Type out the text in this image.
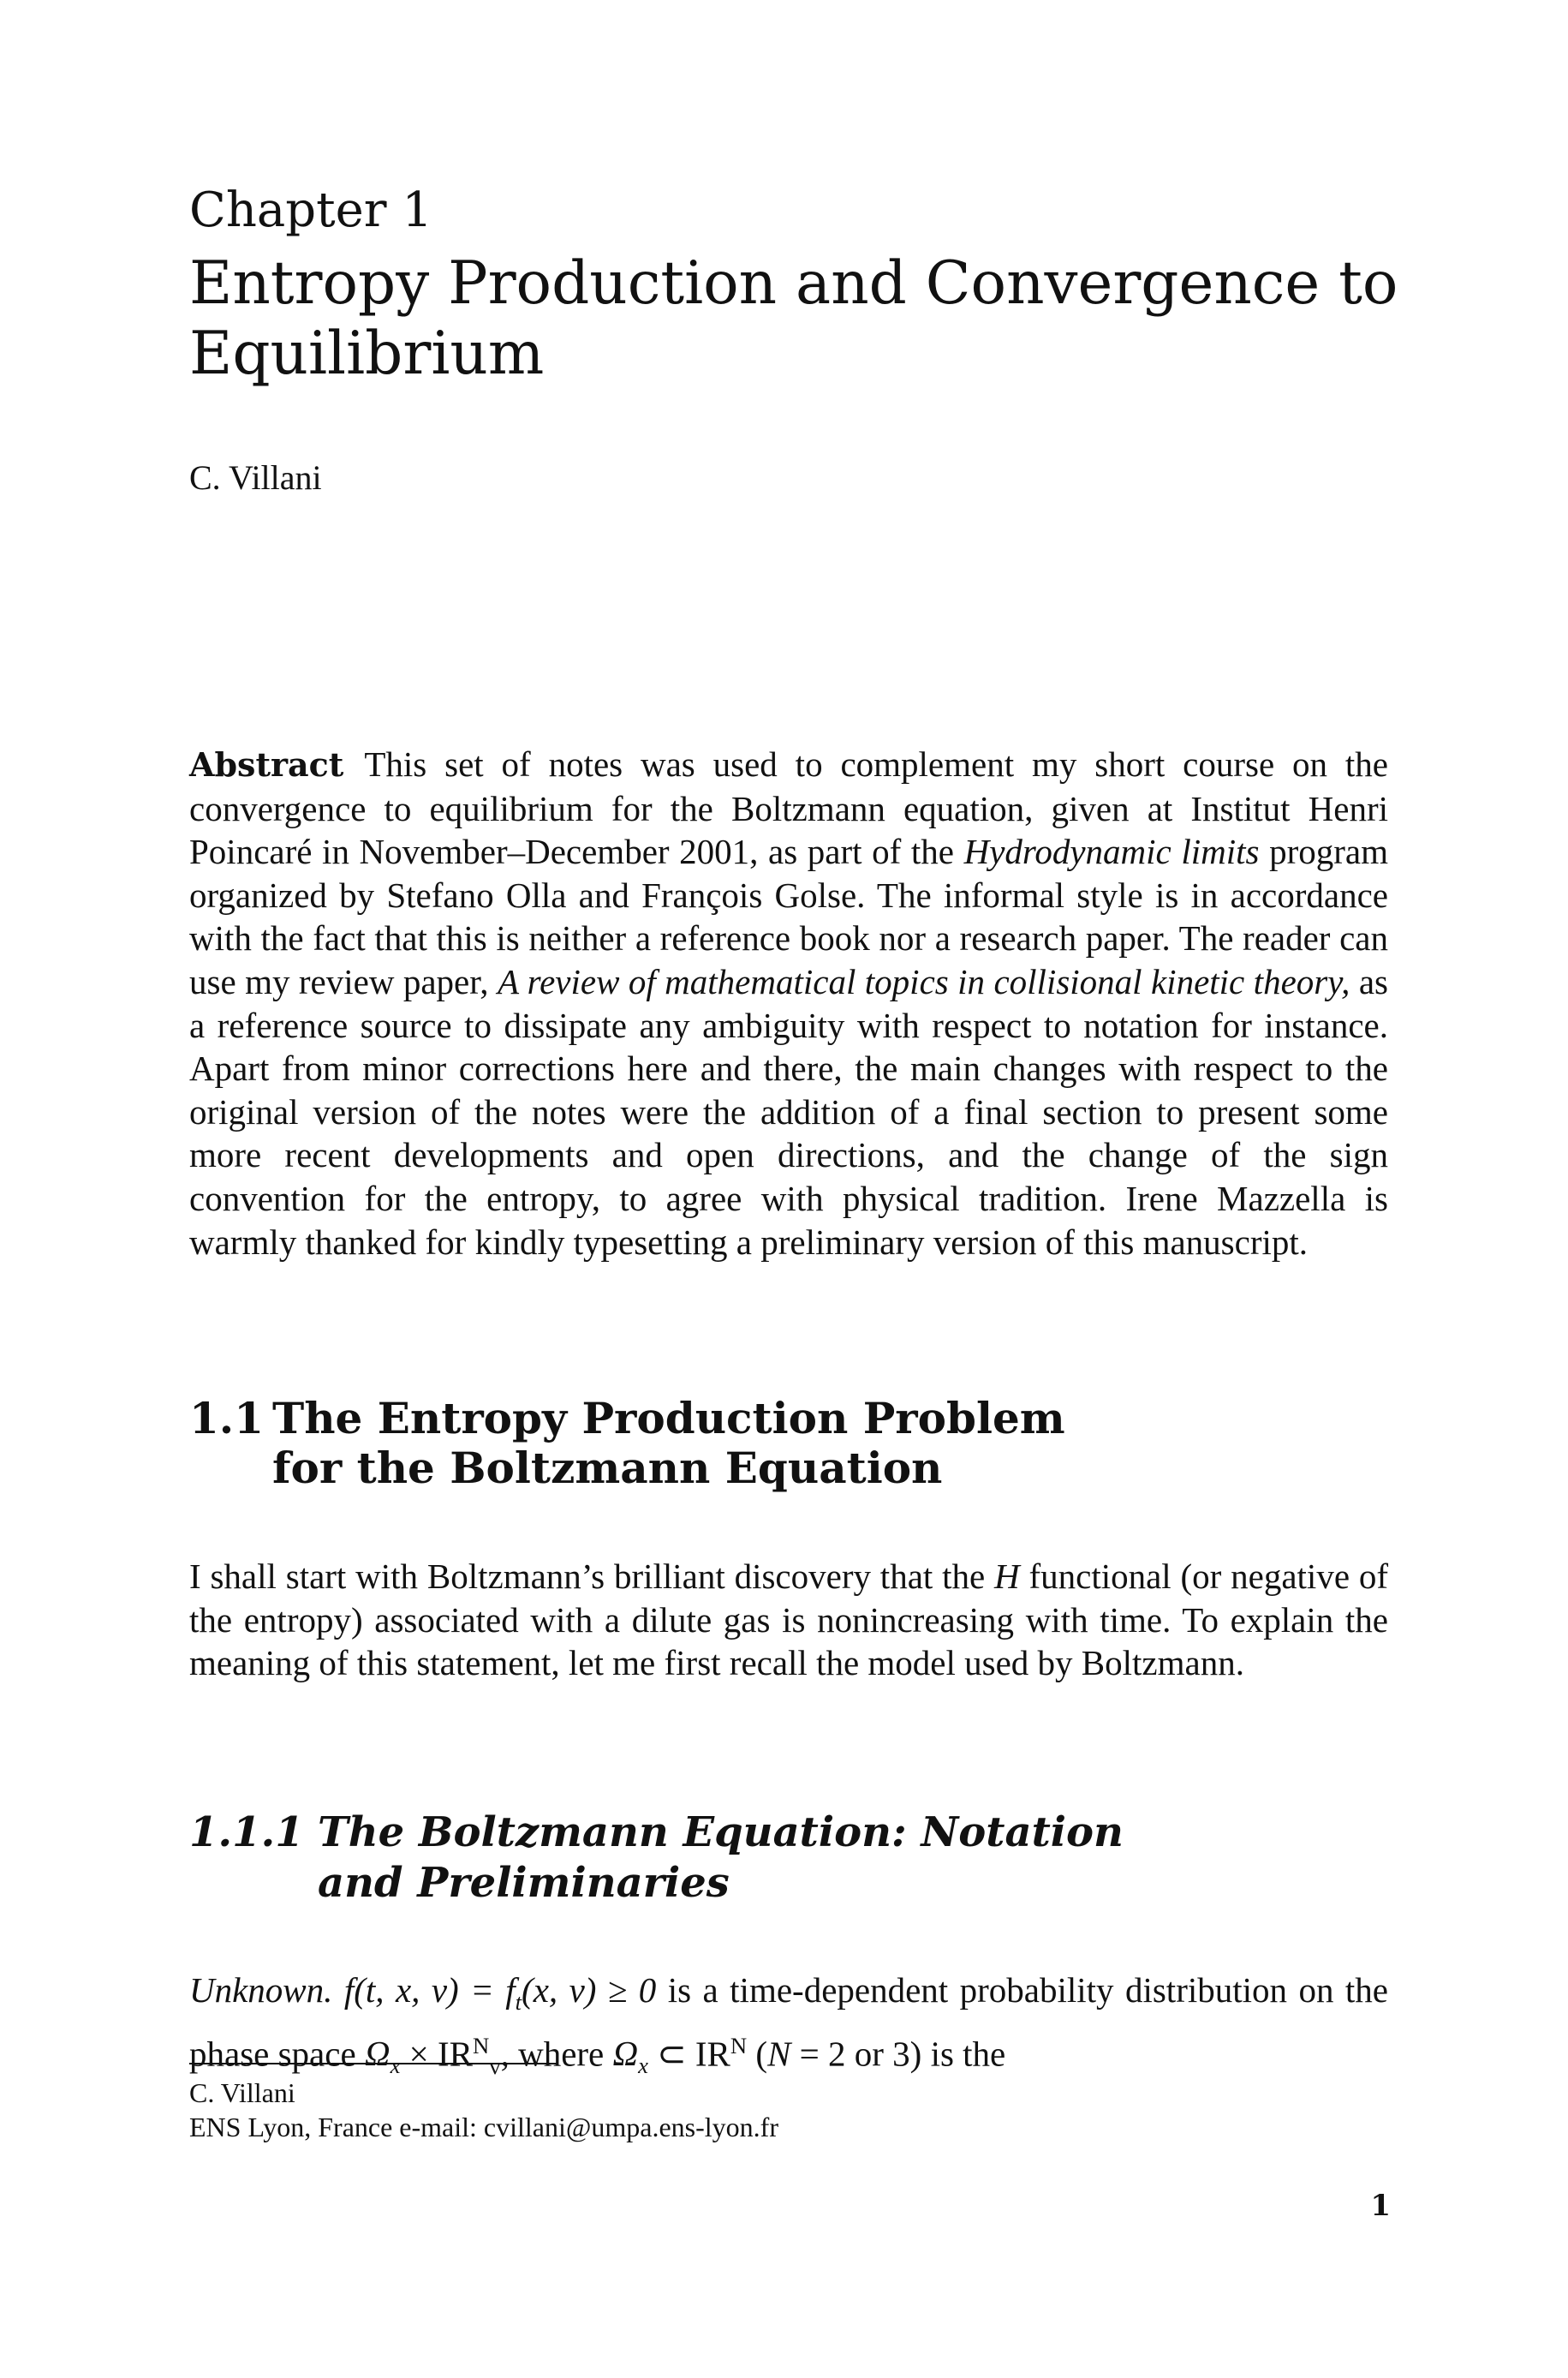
Chapter 1
Entropy Production and Convergence to Equilibrium
C. Villani
Abstract This set of notes was used to complement my short course on the convergence to equilibrium for the Boltzmann equation, given at Institut Henri Poincaré in November–December 2001, as part of the Hydrodynamic limits program organized by Stefano Olla and François Golse. The informal style is in accordance with the fact that this is neither a reference book nor a research paper. The reader can use my review paper, A review of mathematical topics in collisional kinetic theory, as a reference source to dissipate any ambiguity with respect to notation for instance. Apart from minor corrections here and there, the main changes with respect to the original version of the notes were the addition of a final section to present some more recent developments and open directions, and the change of the sign convention for the entropy, to agree with physical tradition. Irene Mazzella is warmly thanked for kindly typesetting a preliminary version of this manuscript.
1.1 The Entropy Production Problem for the Boltzmann Equation
I shall start with Boltzmann’s brilliant discovery that the H functional (or negative of the entropy) associated with a dilute gas is nonincreasing with time. To explain the meaning of this statement, let me first recall the model used by Boltzmann.
1.1.1 The Boltzmann Equation: Notation and Preliminaries
Unknown. f(t, x, $v) = f_t(x$, v) ≥ 0 is a time-dependent probability distribution on the phase space $\Omega_x \times IR^N_v$, where $\Omega_x$ ⊂ $IR^N$ (N = 2 or 3) is the
C. Villani
ENS Lyon, France e-mail: cvillani@umpa.ens-lyon.fr
1
